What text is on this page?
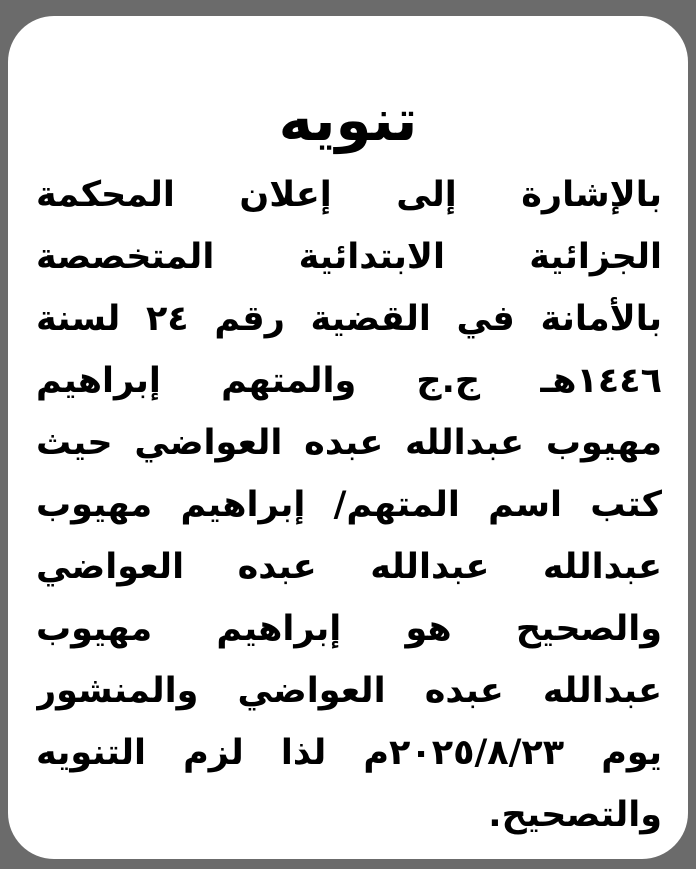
تنويه
بالإشارة إلى إعلان المحكمة
الجزائية الابتدائية المتخصصة
بالأمانة في القضية رقم ٢٤ لسنة
١٤٤٦هـ ج.ج والمتهم إبراهيم
مهيوب عبدالله عبده العواضي حيث
كتب اسم المتهم/ إبراهيم مهيوب
عبدالله عبدالله عبده العواضي
والصحيح هو إبراهيم مهيوب
عبدالله عبده العواضي والمنشور
يوم ٢٠٢٥/٨/٢٣م لذا لزم التنويه
والتصحيح.
